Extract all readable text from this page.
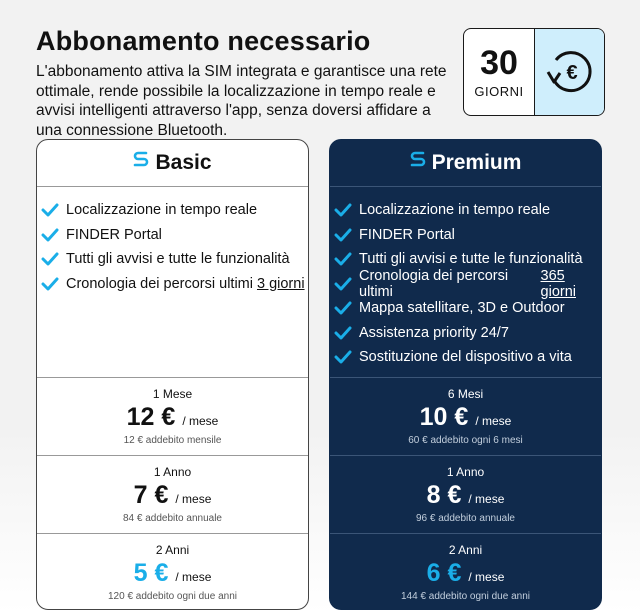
Abbonamento necessario

L'abbonamento attiva la SIM integrata e garantisce una rete ottimale, rende possibile la localizzazione in tempo reale e avvisi intelligenti attraverso l'app, senza doversi affidare a una connessione Bluetooth.

30
GIORNI
€
Basic
Localizzazione in tempo reale
FINDER Portal
Tutti gli avvisi e tutte le funzionalità
Cronologia dei percorsi ultimi 3 giorni
1 Mese
12 € / mese
12 € addebito mensile
1 Anno
7 € / mese
84 € addebito annuale
2 Anni
5 € / mese
120 € addebito ogni due anni
Premium
Localizzazione in tempo reale
FINDER Portal
Tutti gli avvisi e tutte le funzionalità
Cronologia dei percorsi ultimi
365 giorni
Mappa satellitare, 3D e Outdoor
Assistenza priority 24/7
Sostituzione del dispositivo a vita
6 Mesi
10 € / mese
60 € addebito ogni 6 mesi
1 Anno
8 € / mese
96 € addebito annuale
2 Anni
6 € / mese
144 € addebito ogni due anni
